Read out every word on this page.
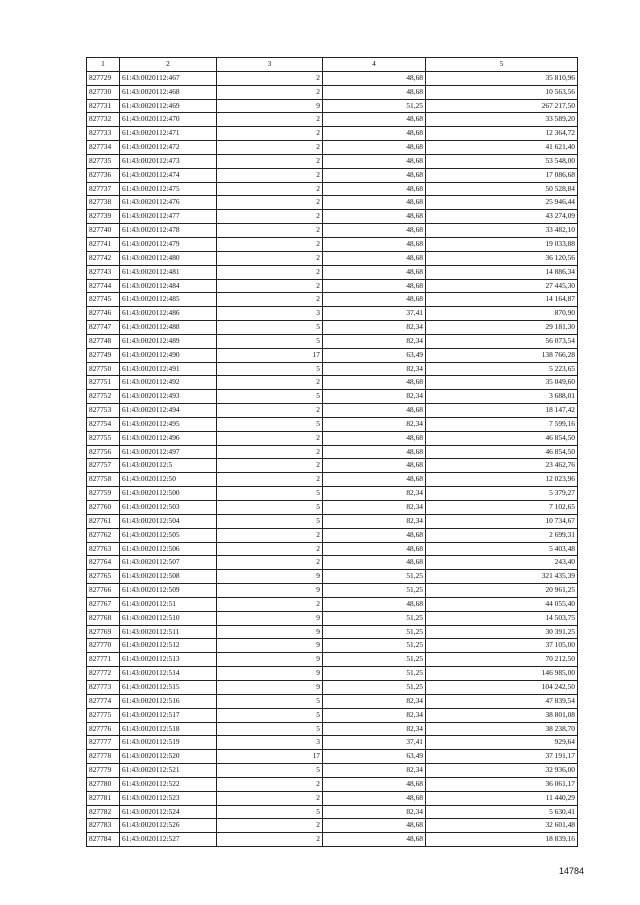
1	2	3	4	5
827729	61:43:0020112:467	2	48,68	35 810,96
827730	61:43:0020112:468	2	48,68	10 563,56
827731	61:43:0020112:469	9	51,25	267 217,50
827732	61:43:0020112:470	2	48,68	33 589,20
827733	61:43:0020112:471	2	48,68	12 364,72
827734	61:43:0020112:472	2	48,68	41 621,40
827735	61:43:0020112:473	2	48,68	53 548,00
827736	61:43:0020112:474	2	48,68	17 086,68
827737	61:43:0020112:475	2	48,68	50 528,84
827738	61:43:0020112:476	2	48,68	25 946,44
827739	61:43:0020112:477	2	48,68	43 274,09
827740	61:43:0020112:478	2	48,68	33 482,10
827741	61:43:0020112:479	2	48,68	19 033,88
827742	61:43:0020112:480	2	48,68	36 120,56
827743	61:43:0020112:481	2	48,68	14 886,34
827744	61:43:0020112:484	2	48,68	27 445,30
827745	61:43:0020112:485	2	48,68	14 164,87
827746	61:43:0020112:486	3	37,41	870,90
827747	61:43:0020112:488	5	82,34	29 181,30
827748	61:43:0020112:489	5	82,34	56 073,54
827749	61:43:0020112:490	17	63,49	138 766,28
827750	61:43:0020112:491	5	82,34	5 223,65
827751	61:43:0020112:492	2	48,68	35 049,60
827752	61:43:0020112:493	5	82,34	3 688,01
827753	61:43:0020112:494	2	48,68	18 147,42
827754	61:43:0020112:495	5	82,34	7 599,16
827755	61:43:0020112:496	2	48,68	46 854,50
827756	61:43:0020112:497	2	48,68	46 854,50
827757	61:43:0020112:5	2	48,68	23 462,76
827758	61:43:0020112:50	2	48,68	12 023,96
827759	61:43:0020112:500	5	82,34	5 379,27
827760	61:43:0020112:503	5	82,34	7 102,65
827761	61:43:0020112:504	5	82,34	10 734,67
827762	61:43:0020112:505	2	48,68	2 699,31
827763	61:43:0020112:506	2	48,68	5 403,48
827764	61:43:0020112:507	2	48,68	243,40
827765	61:43:0020112:508	9	51,25	321 435,39
827766	61:43:0020112:509	9	51,25	20 961,25
827767	61:43:0020112:51	2	48,68	44 055,40
827768	61:43:0020112:510	9	51,25	14 503,75
827769	61:43:0020112:511	9	51,25	30 391,25
827770	61:43:0020112:512	9	51,25	37 105,00
827771	61:43:0020112:513	9	51,25	70 212,50
827772	61:43:0020112:514	9	51,25	146 985,00
827773	61:43:0020112:515	9	51,25	104 242,50
827774	61:43:0020112:516	5	82,34	47 839,54
827775	61:43:0020112:517	5	82,34	38 801,08
827776	61:43:0020112:518	5	82,34	38 238,70
827777	61:43:0020112:519	3	37,41	929,64
827778	61:43:0020112:520	17	63,49	37 191,17
827779	61:43:0020112:521	5	82,34	32 936,00
827780	61:43:0020112:522	2	48,68	36 061,17
827781	61:43:0020112:523	2	48,68	11 440,29
827782	61:43:0020112:524	5	82,34	5 630,41
827783	61:43:0020112:526	2	48,68	32 601,48
827784	61:43:0020112:527	2	48,68	18 839,16
14784
